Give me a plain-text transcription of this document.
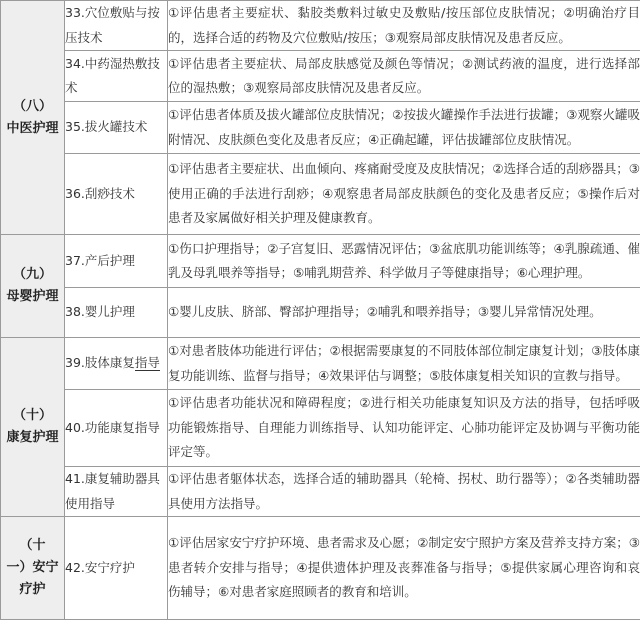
（八）
中医护理	33.穴位敷贴与按压技术	①评估患者主要症状、黏胶类敷料过敏史及敷贴/按压部位皮肤情况；②明确治疗目的，选择合适的药物及穴位敷贴/按压；③观察局部皮肤情况及患者反应。
	34.中药湿热敷技术	①评估患者主要症状、局部皮肤感觉及颜色等情况；②测试药液的温度，进行选择部位的湿热敷；③观察局部皮肤情况及患者反应。
	35.拔火罐技术	①评估患者体质及拔火罐部位皮肤情况；②按拔火罐操作手法进行拔罐；③观察火罐吸附情况、皮肤颜色变化及患者反应；④正确起罐，评估拔罐部位皮肤情况。
	36.刮痧技术	①评估患者主要症状、出血倾向、疼痛耐受度及皮肤情况；②选择合适的刮痧器具；③使用正确的手法进行刮痧；④观察患者局部皮肤颜色的变化及患者反应；⑤操作后对患者及家属做好相关护理及健康教育。

（九）
母婴护理	37.产后护理	①伤口护理指导；②子宫复旧、恶露情况评估；③盆底肌功能训练等；④乳腺疏通、催乳及母乳喂养等指导；⑤哺乳期营养、科学做月子等健康指导；⑥心理护理。
	38.婴儿护理	①婴儿皮肤、脐部、臀部护理指导；②哺乳和喂养指导；③婴儿异常情况处理。

（十）
康复护理	39.肢体康复指导	①对患者肢体功能进行评估；②根据需要康复的不同肢体部位制定康复计划；③肢体康复功能训练、监督与指导；④效果评估与调整；⑤肢体康复相关知识的宣教与指导。
	40.功能康复指导	①评估患者功能状况和障碍程度；②进行相关功能康复知识及方法的指导，包括呼吸功能锻炼指导、自理能力训练指导、认知功能评定、心肺功能评定及协调与平衡功能评定等。
	41.康复辅助器具使用指导	①评估患者躯体状态，选择合适的辅助器具（轮椅、拐杖、助行器等）；②各类辅助器具使用方法指导。

（十
一）安宁
疗护	42.安宁疗护	①评估居家安宁疗护环境、患者需求及心愿；②制定安宁照护方案及营养支持方案；③患者转介安排与指导；④提供遗体护理及丧葬准备与指导；⑤提供家属心理咨询和哀伤辅导；⑥对患者家庭照顾者的教育和培训。
